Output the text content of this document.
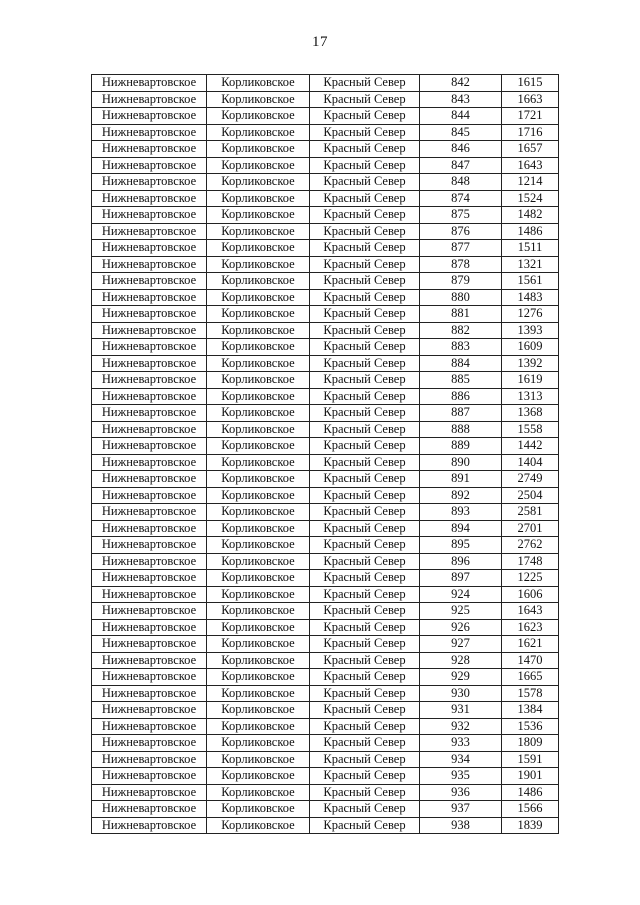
17
Нижневартовское	Корликовское	Красный Север	842	1615
Нижневартовское	Корликовское	Красный Север	843	1663
Нижневартовское	Корликовское	Красный Север	844	1721
Нижневартовское	Корликовское	Красный Север	845	1716
Нижневартовское	Корликовское	Красный Север	846	1657
Нижневартовское	Корликовское	Красный Север	847	1643
Нижневартовское	Корликовское	Красный Север	848	1214
Нижневартовское	Корликовское	Красный Север	874	1524
Нижневартовское	Корликовское	Красный Север	875	1482
Нижневартовское	Корликовское	Красный Север	876	1486
Нижневартовское	Корликовское	Красный Север	877	1511
Нижневартовское	Корликовское	Красный Север	878	1321
Нижневартовское	Корликовское	Красный Север	879	1561
Нижневартовское	Корликовское	Красный Север	880	1483
Нижневартовское	Корликовское	Красный Север	881	1276
Нижневартовское	Корликовское	Красный Север	882	1393
Нижневартовское	Корликовское	Красный Север	883	1609
Нижневартовское	Корликовское	Красный Север	884	1392
Нижневартовское	Корликовское	Красный Север	885	1619
Нижневартовское	Корликовское	Красный Север	886	1313
Нижневартовское	Корликовское	Красный Север	887	1368
Нижневартовское	Корликовское	Красный Север	888	1558
Нижневартовское	Корликовское	Красный Север	889	1442
Нижневартовское	Корликовское	Красный Север	890	1404
Нижневартовское	Корликовское	Красный Север	891	2749
Нижневартовское	Корликовское	Красный Север	892	2504
Нижневартовское	Корликовское	Красный Север	893	2581
Нижневартовское	Корликовское	Красный Север	894	2701
Нижневартовское	Корликовское	Красный Север	895	2762
Нижневартовское	Корликовское	Красный Север	896	1748
Нижневартовское	Корликовское	Красный Север	897	1225
Нижневартовское	Корликовское	Красный Север	924	1606
Нижневартовское	Корликовское	Красный Север	925	1643
Нижневартовское	Корликовское	Красный Север	926	1623
Нижневартовское	Корликовское	Красный Север	927	1621
Нижневартовское	Корликовское	Красный Север	928	1470
Нижневартовское	Корликовское	Красный Север	929	1665
Нижневартовское	Корликовское	Красный Север	930	1578
Нижневартовское	Корликовское	Красный Север	931	1384
Нижневартовское	Корликовское	Красный Север	932	1536
Нижневартовское	Корликовское	Красный Север	933	1809
Нижневартовское	Корликовское	Красный Север	934	1591
Нижневартовское	Корликовское	Красный Север	935	1901
Нижневартовское	Корликовское	Красный Север	936	1486
Нижневартовское	Корликовское	Красный Север	937	1566
Нижневартовское	Корликовское	Красный Север	938	1839
